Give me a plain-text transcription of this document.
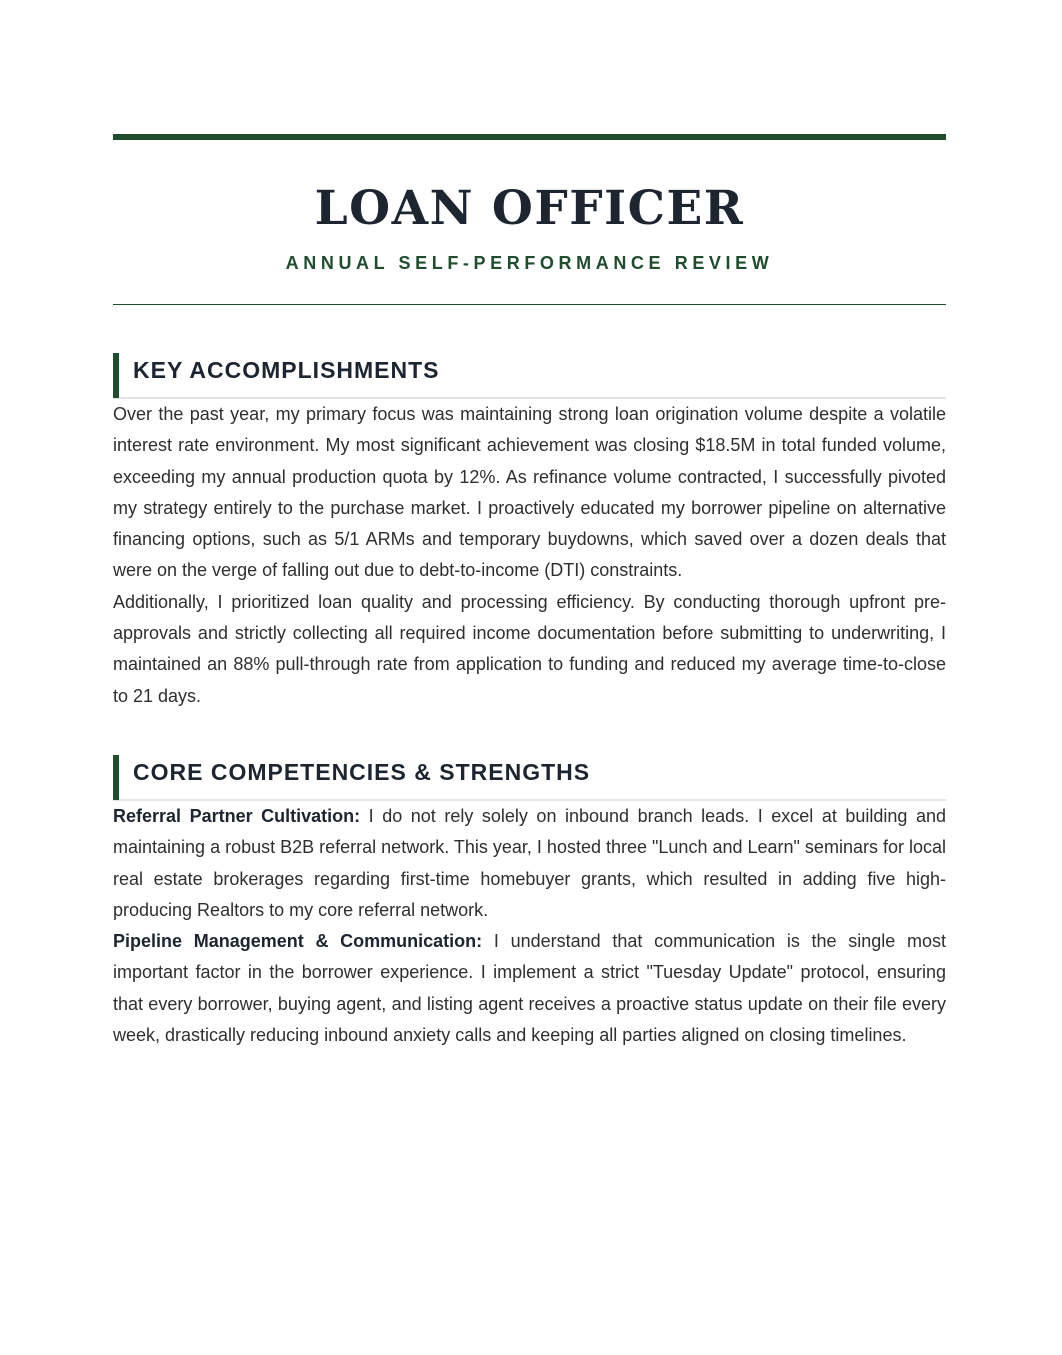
LOAN OFFICER
ANNUAL SELF-PERFORMANCE REVIEW
KEY ACCOMPLISHMENTS

Over the past year, my primary focus was maintaining strong loan origination volume despite a volatile interest rate environment. My most significant achievement was closing $18.5M in total funded volume, exceeding my annual production quota by 12%. As refinance volume contracted, I successfully pivoted my strategy entirely to the purchase market. I proactively educated my borrower pipeline on alternative financing options, such as 5/1 ARMs and temporary buydowns, which saved over a dozen deals that were on the verge of falling out due to debt-to-income (DTI) constraints.

Additionally, I prioritized loan quality and processing efficiency. By conducting thorough upfront pre-approvals and strictly collecting all required income documentation before submitting to underwriting, I maintained an 88% pull-through rate from application to funding and reduced my average time-to-close to 21 days.

CORE COMPETENCIES & STRENGTHS

Referral Partner Cultivation: I do not rely solely on inbound branch leads. I excel at building and maintaining a robust B2B referral network. This year, I hosted three "Lunch and Learn" seminars for local real estate brokerages regarding first-time homebuyer grants, which resulted in adding five high-producing Realtors to my core referral network.

Pipeline Management & Communication: I understand that communication is the single most important factor in the borrower experience. I implement a strict "Tuesday Update" protocol, ensuring that every borrower, buying agent, and listing agent receives a proactive status update on their file every week, drastically reducing inbound anxiety calls and keeping all parties aligned on closing timelines.
